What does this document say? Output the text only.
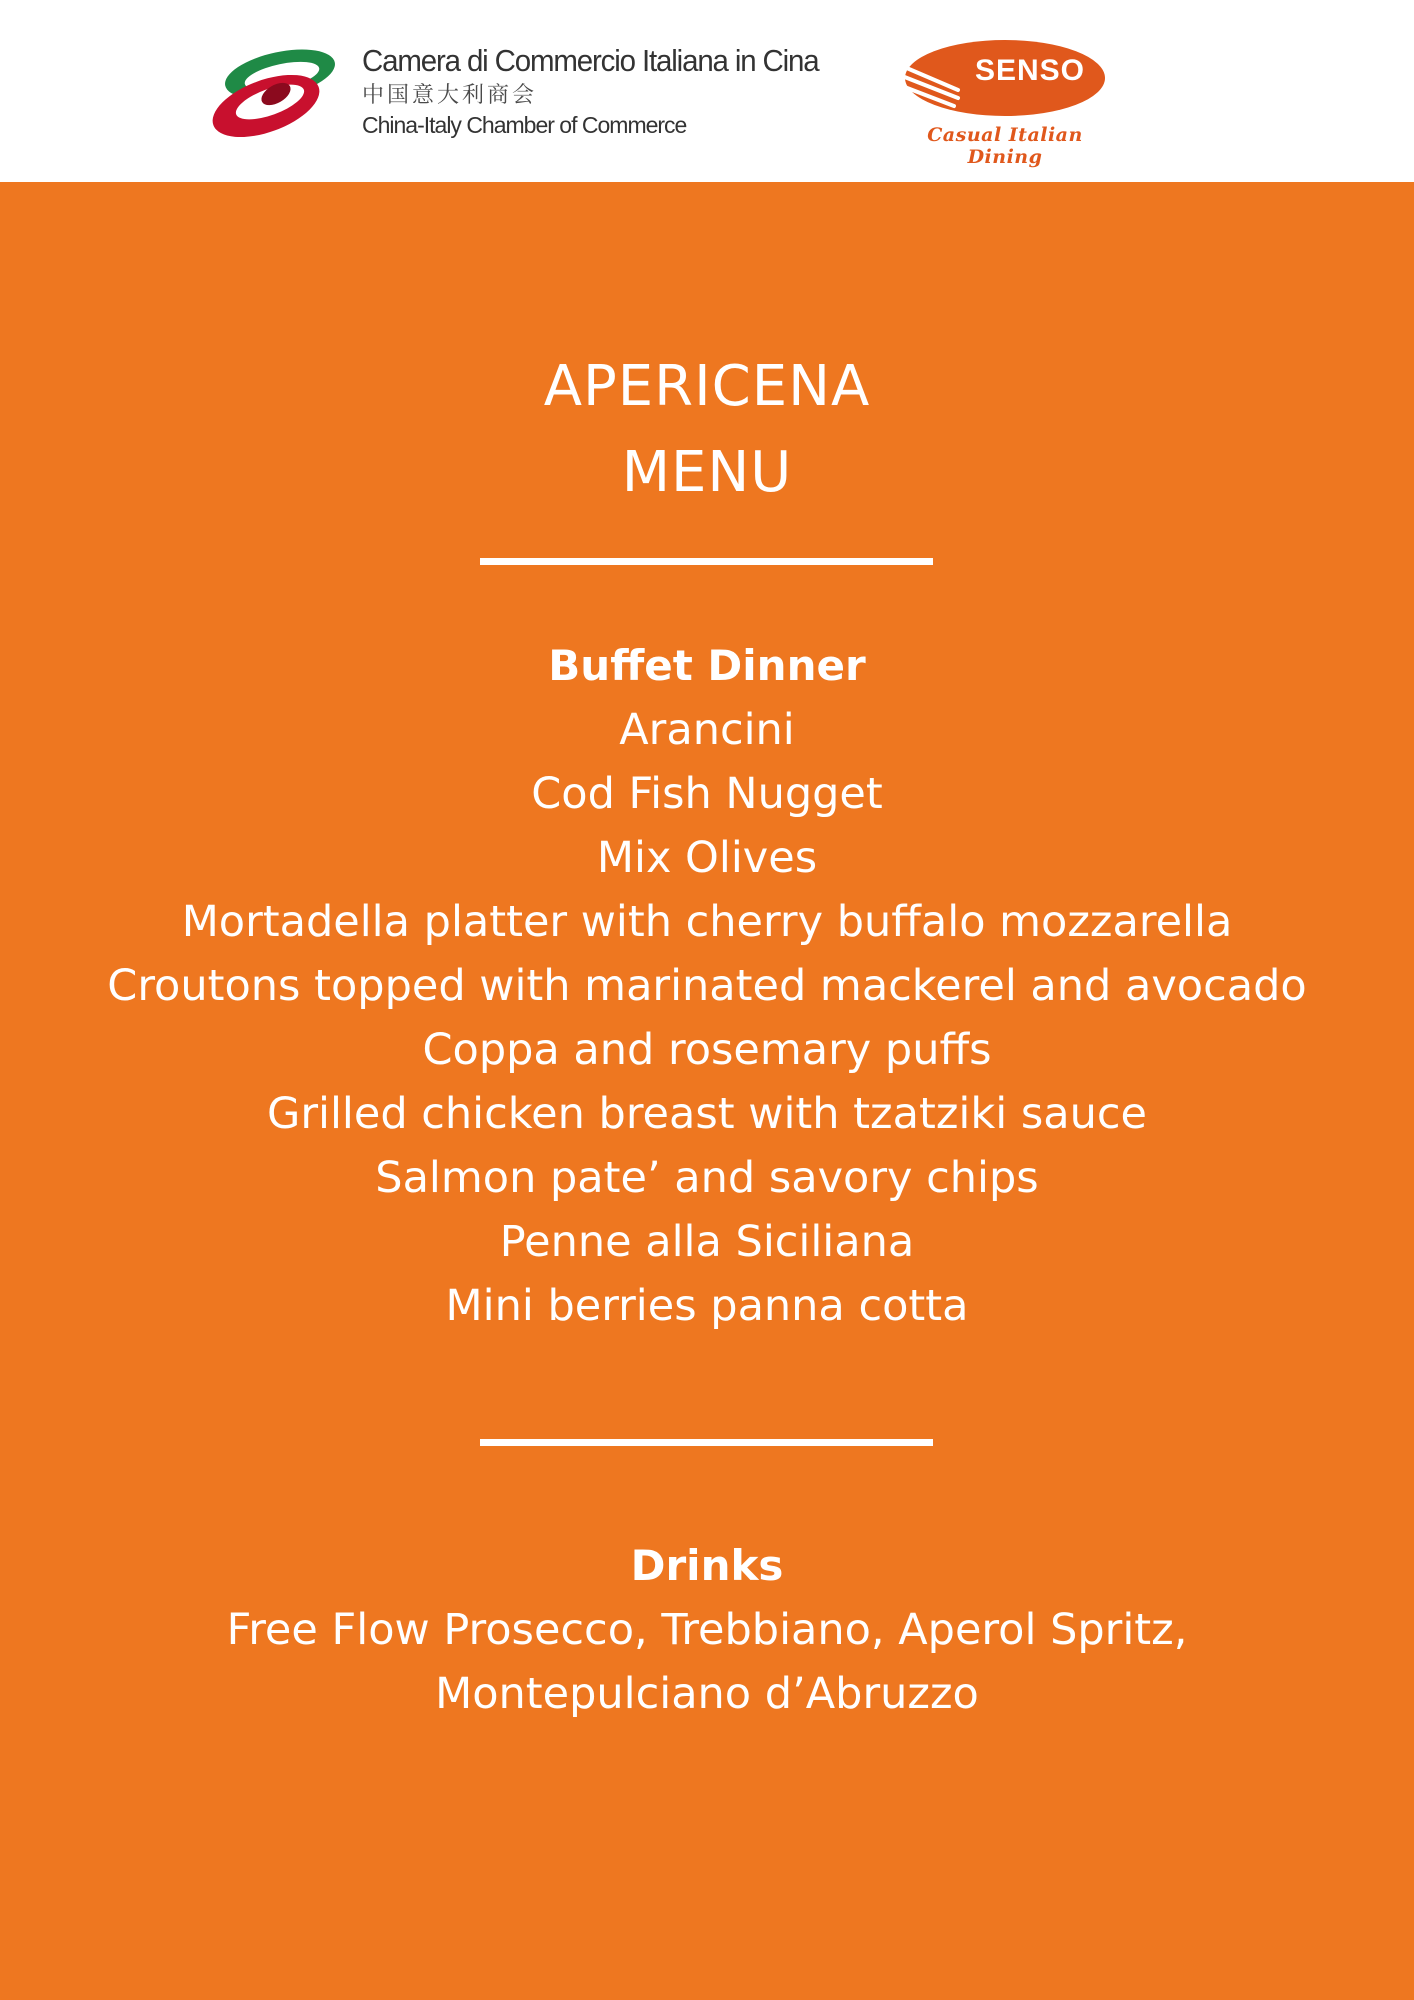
Camera di Commercio Italiana in Cina
中国意大利商会
China-Italy Chamber of Commerce
SENSO
Casual Italian Dining
APERICENA
MENU
Buffet Dinner
Arancini
Cod Fish Nugget
Mix Olives
Mortadella platter with cherry buffalo mozzarella
Croutons topped with marinated mackerel and avocado
Coppa and rosemary puffs
Grilled chicken breast with tzatziki sauce
Salmon pate’ and savory chips
Penne alla Siciliana
Mini berries panna cotta
Drinks
Free Flow Prosecco, Trebbiano, Aperol Spritz,
Montepulciano d’Abruzzo
